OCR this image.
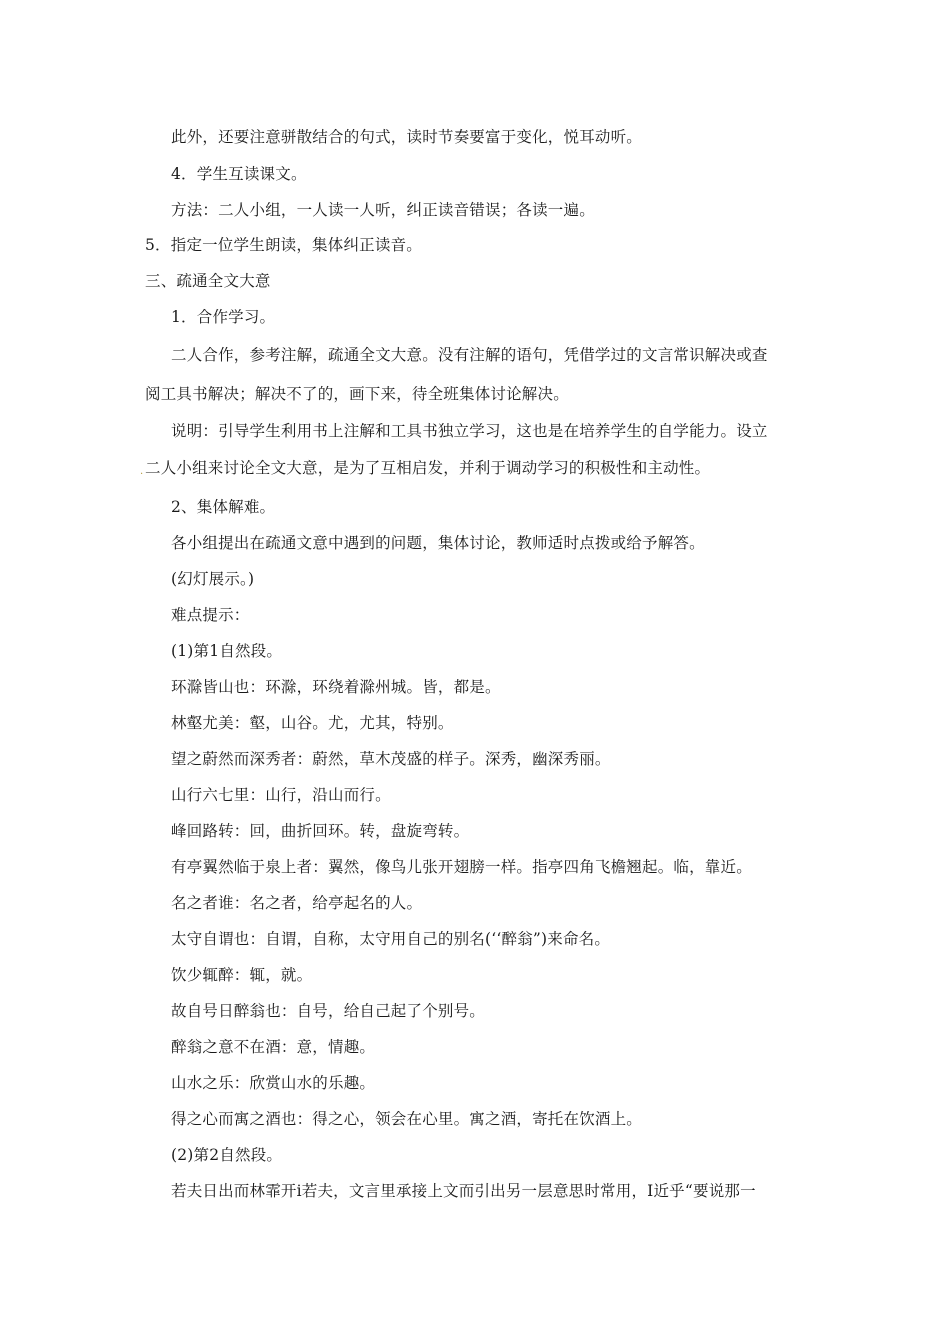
此外，还要注意骈散结合的句式，读时节奏要富于变化，悦耳动听。
4．学生互读课文。
方法：二人小组，一人读一人听，纠正读音错误；各读一遍。
5．指定一位学生朗读，集体纠正读音。
三、疏通全文大意
1．合作学习。
二人合作，参考注解，疏通全文大意。没有注解的语句，凭借学过的文言常识解决或查
阅工具书解决；解决不了的，画下来，待全班集体讨论解决。
说明：引导学生利用书上注解和工具书独立学习，这也是在培养学生的自学能力。设立
二人小组来讨论全文大意，是为了互相启发，并利于调动学习的积极性和主动性。
2、集体解难。
各小组提出在疏通文意中遇到的问题，集体讨论，教师适时点拨或给予解答。
(幻灯展示。)
难点提示：
(1)第1自然段。
环滁皆山也：环滁，环绕着滁州城。皆，都是。
林壑尤美：壑，山谷。尤，尤其，特别。
望之蔚然而深秀者：蔚然，草木茂盛的样子。深秀，幽深秀丽。
山行六七里：山行，沿山而行。
峰回路转：回，曲折回环。转，盘旋弯转。
有亭翼然临于泉上者：翼然，像鸟儿张开翅膀一样。指亭四角飞檐翘起。临，靠近。
名之者谁：名之者，给亭起名的人。
太守自谓也：自谓，自称，太守用自己的别名(‘‘醉翁”)来命名。
饮少辄醉：辄，就。
故自号日醉翁也：自号，给自己起了个别号。
醉翁之意不在酒：意，情趣。
山水之乐：欣赏山水的乐趣。
得之心而寓之酒也：得之心，领会在心里。寓之酒，寄托在饮酒上。
(2)第2自然段。
若夫日出而林霏开i若夫，文言里承接上文而引出另一层意思时常用，I近乎“要说那一
.
